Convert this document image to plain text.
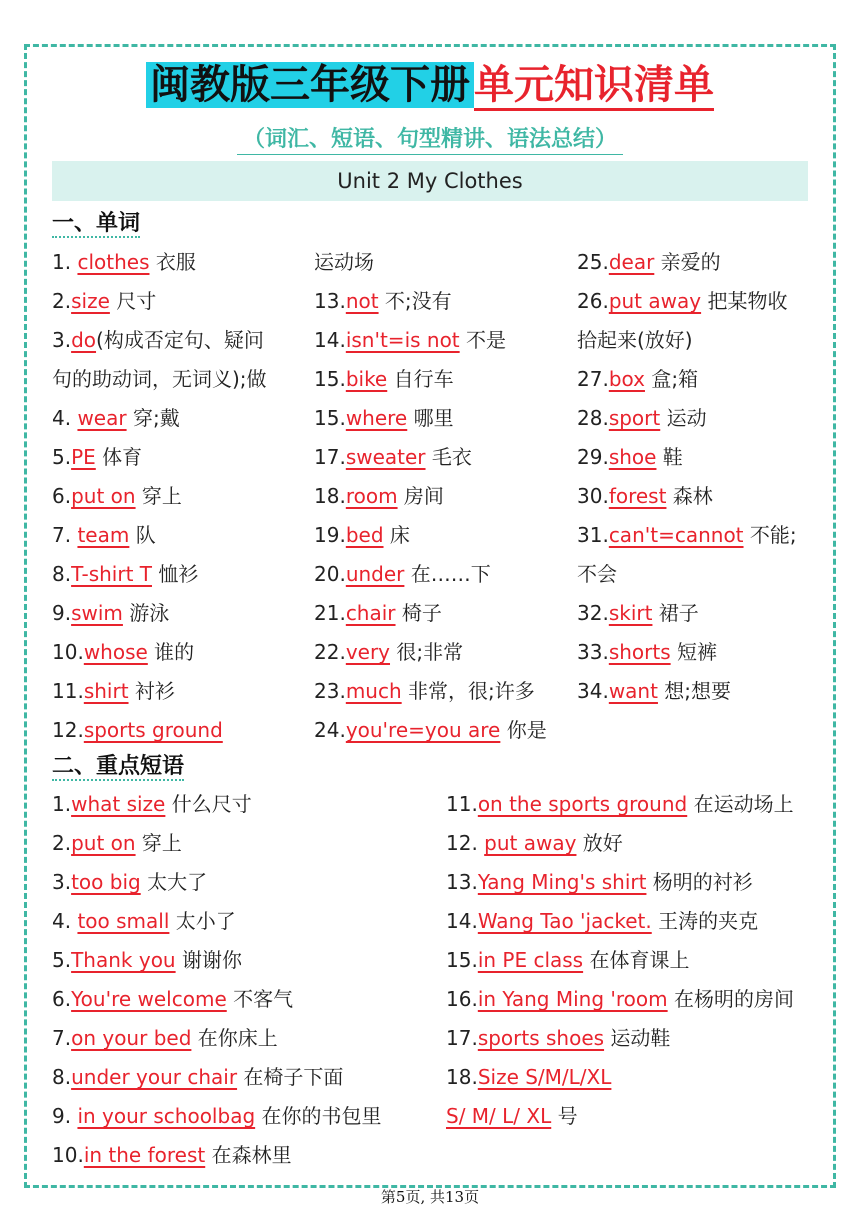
闽教版三年级下册 单元知识清单
（词汇、短语、句型精讲、语法总结）
Unit 2 My Clothes
一、单词
1. clothes 衣服
2.size 尺寸
3.do(构成否定句、疑问
句的助动词，无词义);做
4. wear 穿;戴
5.PE 体育
6.put on 穿上
7. team 队
8.T-shirt T 恤衫
9.swim 游泳
10.whose 谁的
11.shirt 衬衫
12.sports ground
运动场
13.not 不;没有
14.isn't=is not 不是
15.bike 自行车
15.where 哪里
17.sweater 毛衣
18.room 房间
19.bed 床
20.under 在……下
21.chair 椅子
22.very 很;非常
23.much 非常，很;许多
24.you're=you are 你是
25.dear 亲爱的
26.put away 把某物收
拾起来(放好)
27.box 盒;箱
28.sport 运动
29.shoe 鞋
30.forest 森林
31.can't=cannot 不能;
不会
32.skirt 裙子
33.shorts 短裤
34.want 想;想要
二、重点短语
1.what size 什么尺寸
2.put on 穿上
3.too big 太大了
4. too small 太小了
5.Thank you 谢谢你
6.You're welcome 不客气
7.on your bed 在你床上
8.under your chair 在椅子下面
9. in your schoolbag 在你的书包里
10.in the forest 在森林里
11.on the sports ground 在运动场上
12. put away 放好
13.Yang Ming's shirt 杨明的衬衫
14.Wang Tao 'jacket. 王涛的夹克
15.in PE class 在体育课上
16.in Yang Ming 'room 在杨明的房间
17.sports shoes 运动鞋
18.Size S/M/L/XL
S/ M/ L/ XL 号
第5页, 共13页
